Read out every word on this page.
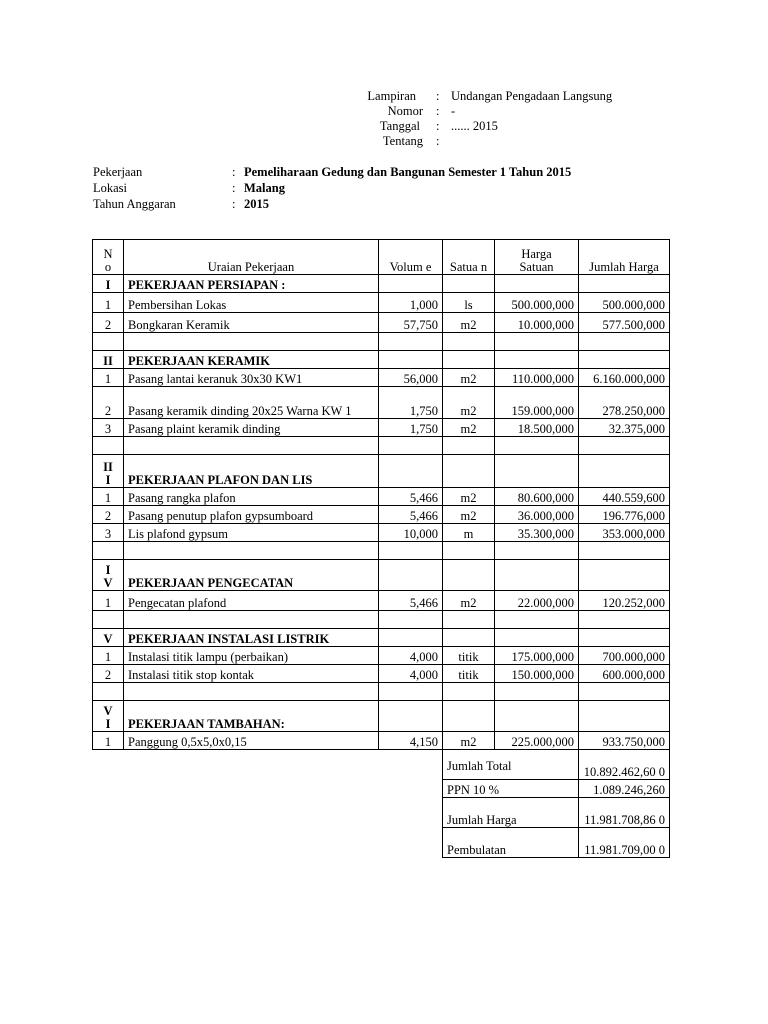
Lampiran : Undangan Pengadaan Langsung
Nomor : -
Tanggal : ...... 2015
Tentang :
Pekerjaan	: Pemeliharaan Gedung dan Bangunan Semester 1 Tahun 2015
Lokasi	: Malang
Tahun Anggaran	: 2015
N o	Uraian Pekerjaan	Volum e	Satua n	Harga Satuan	Jumlah Harga
I	PEKERJAAN PERSIAPAN :				
1	Pembersihan Lokas	1,000	ls	500.000,000	500.000,000
2	Bongkaran Keramik	57,750	m2	10.000,000	577.500,000

II	PEKERJAAN KERAMIK				
1	Pasang lantai keranuk 30x30 KW1	56,000	m2	110.000,000	6.160.000,000
2	Pasang keramik dinding 20x25 Warna KW 1	1,750	m2	159.000,000	278.250,000
3	Pasang plaint keramik dinding	1,750	m2	18.500,000	32.375,000

II I	PEKERJAAN PLAFON DAN LIS				
1	Pasang rangka plafon	5,466	m2	80.600,000	440.559,600
2	Pasang penutup plafon gypsumboard	5,466	m2	36.000,000	196.776,000
3	Lis plafond gypsum	10,000	m	35.300,000	353.000,000

I V	PEKERJAAN PENGECATAN				
1	Pengecatan plafond	5,466	m2	22.000,000	120.252,000

V	PEKERJAAN INSTALASI LISTRIK				
1	Instalasi titik lampu (perbaikan)	4,000	titik	175.000,000	700.000,000
2	Instalasi titik stop kontak	4,000	titik	150.000,000	600.000,000

V I	PEKERJAAN TAMBAHAN:				
1	Panggung 0,5x5,0x0,15	4,150	m2	225.000,000	933.750,000
			Jumlah Total		10.892.462,60 0
			PPN 10 %		1.089.246,260
			Jumlah Harga		11.981.708,86 0
			Pembulatan		11.981.709,00 0
